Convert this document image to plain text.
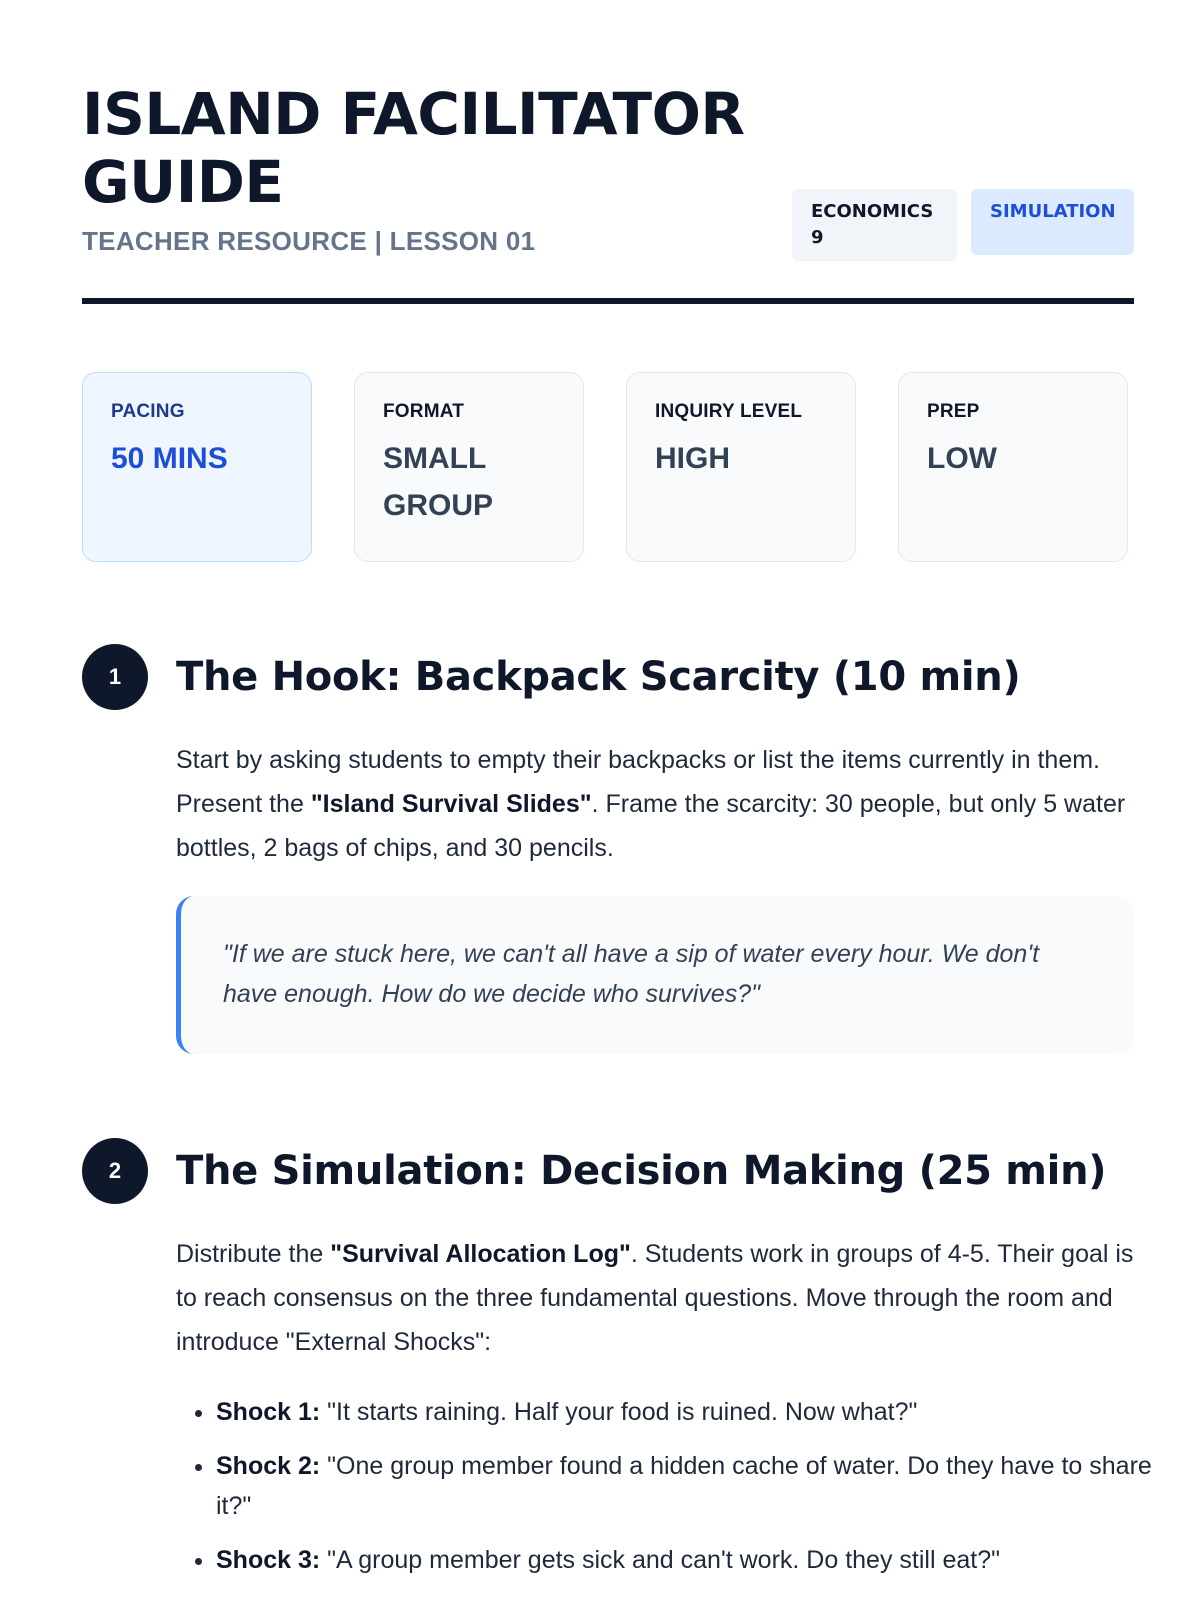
ISLAND FACILITATOR GUIDE
TEACHER RESOURCE | LESSON 01
ECONOMICS 9
SIMULATION
PACING
50 MINS
FORMAT
SMALL GROUP
INQUIRY LEVEL
HIGH
PREP
LOW
1	The Hook: Backpack Scarcity (10 min)
Start by asking students to empty their backpacks or list the items currently in them. Present the "Island Survival Slides". Frame the scarcity: 30 people, but only 5 water bottles, 2 bags of chips, and 30 pencils.
"If we are stuck here, we can't all have a sip of water every hour. We don't have enough. How do we decide who survives?"
2	The Simulation: Decision Making (25 min)
Distribute the "Survival Allocation Log". Students work in groups of 4-5. Their goal is to reach consensus on the three fundamental questions. Move through the room and introduce "External Shocks":
• Shock 1: "It starts raining. Half your food is ruined. Now what?"
• Shock 2: "One group member found a hidden cache of water. Do they have to share it?"
• Shock 3: "A group member gets sick and can't work. Do they still eat?"
